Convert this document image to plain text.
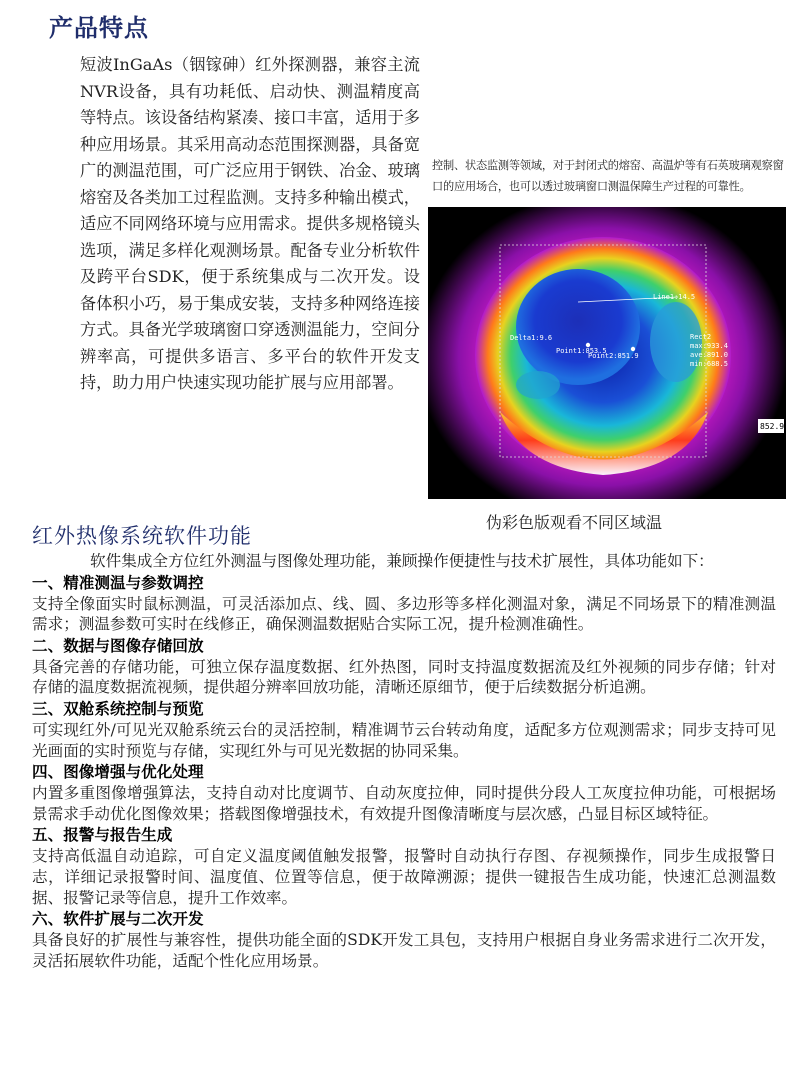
产品特点

短波InGaAs（铟镓砷）红外探测器，兼容主流NVR设备，具有功耗低、启动快、测温精度高等特点。该设备结构紧凑、接口丰富，适用于多种应用场景。其采用高动态范围探测器，具备宽广的测温范围，可广泛应用于钢铁、冶金、玻璃熔窑及各类加工过程监测。支持多种输出模式，适应不同网络环境与应用需求。提供多规格镜头选项，满足多样化观测场景。配备专业分析软件及跨平台SDK，便于系统集成与二次开发。设备体积小巧，易于集成安装，支持多种网络连接方式。具备光学玻璃窗口穿透测温能力，空间分辨率高，可提供多语言、多平台的软件开发支持，助力用户快速实现功能扩展与应用部署。

控制、状态监测等领域，对于封闭式的熔窑、高温炉等有石英玻璃观察窗口的应用场合，也可以透过玻璃窗口测温保障生产过程的可靠性。

Delta1:9.6
Point1:853.5
Point2:851.9
Line1:14.5
Rect2
max:933.4
ave:891.0
min:688.5
852.9

伪彩色版观看不同区域温

红外热像系统软件功能

软件集成全方位红外测温与图像处理功能，兼顾操作便捷性与技术扩展性，具体功能如下：

一、精准测温与参数调控

支持全像面实时鼠标测温，可灵活添加点、线、圆、多边形等多样化测温对象，满足不同场景下的精准测温需求；测温参数可实时在线修正，确保测温数据贴合实际工况，提升检测准确性。

二、数据与图像存储回放

具备完善的存储功能，可独立保存温度数据、红外热图，同时支持温度数据流及红外视频的同步存储；针对存储的温度数据流视频，提供超分辨率回放功能，清晰还原细节，便于后续数据分析追溯。

三、双舱系统控制与预览

可实现红外/可见光双舱系统云台的灵活控制，精准调节云台转动角度，适配多方位观测需求；同步支持可见光画面的实时预览与存储，实现红外与可见光数据的协同采集。

四、图像增强与优化处理

内置多重图像增强算法，支持自动对比度调节、自动灰度拉伸，同时提供分段人工灰度拉伸功能，可根据场景需求手动优化图像效果；搭载图像增强技术，有效提升图像清晰度与层次感，凸显目标区域特征。

五、报警与报告生成

支持高低温自动追踪，可自定义温度阈值触发报警，报警时自动执行存图、存视频操作，同步生成报警日志，详细记录报警时间、温度值、位置等信息，便于故障溯源；提供一键报告生成功能，快速汇总测温数据、报警记录等信息，提升工作效率。

六、软件扩展与二次开发

具备良好的扩展性与兼容性，提供功能全面的SDK开发工具包，支持用户根据自身业务需求进行二次开发，灵活拓展软件功能，适配个性化应用场景。
